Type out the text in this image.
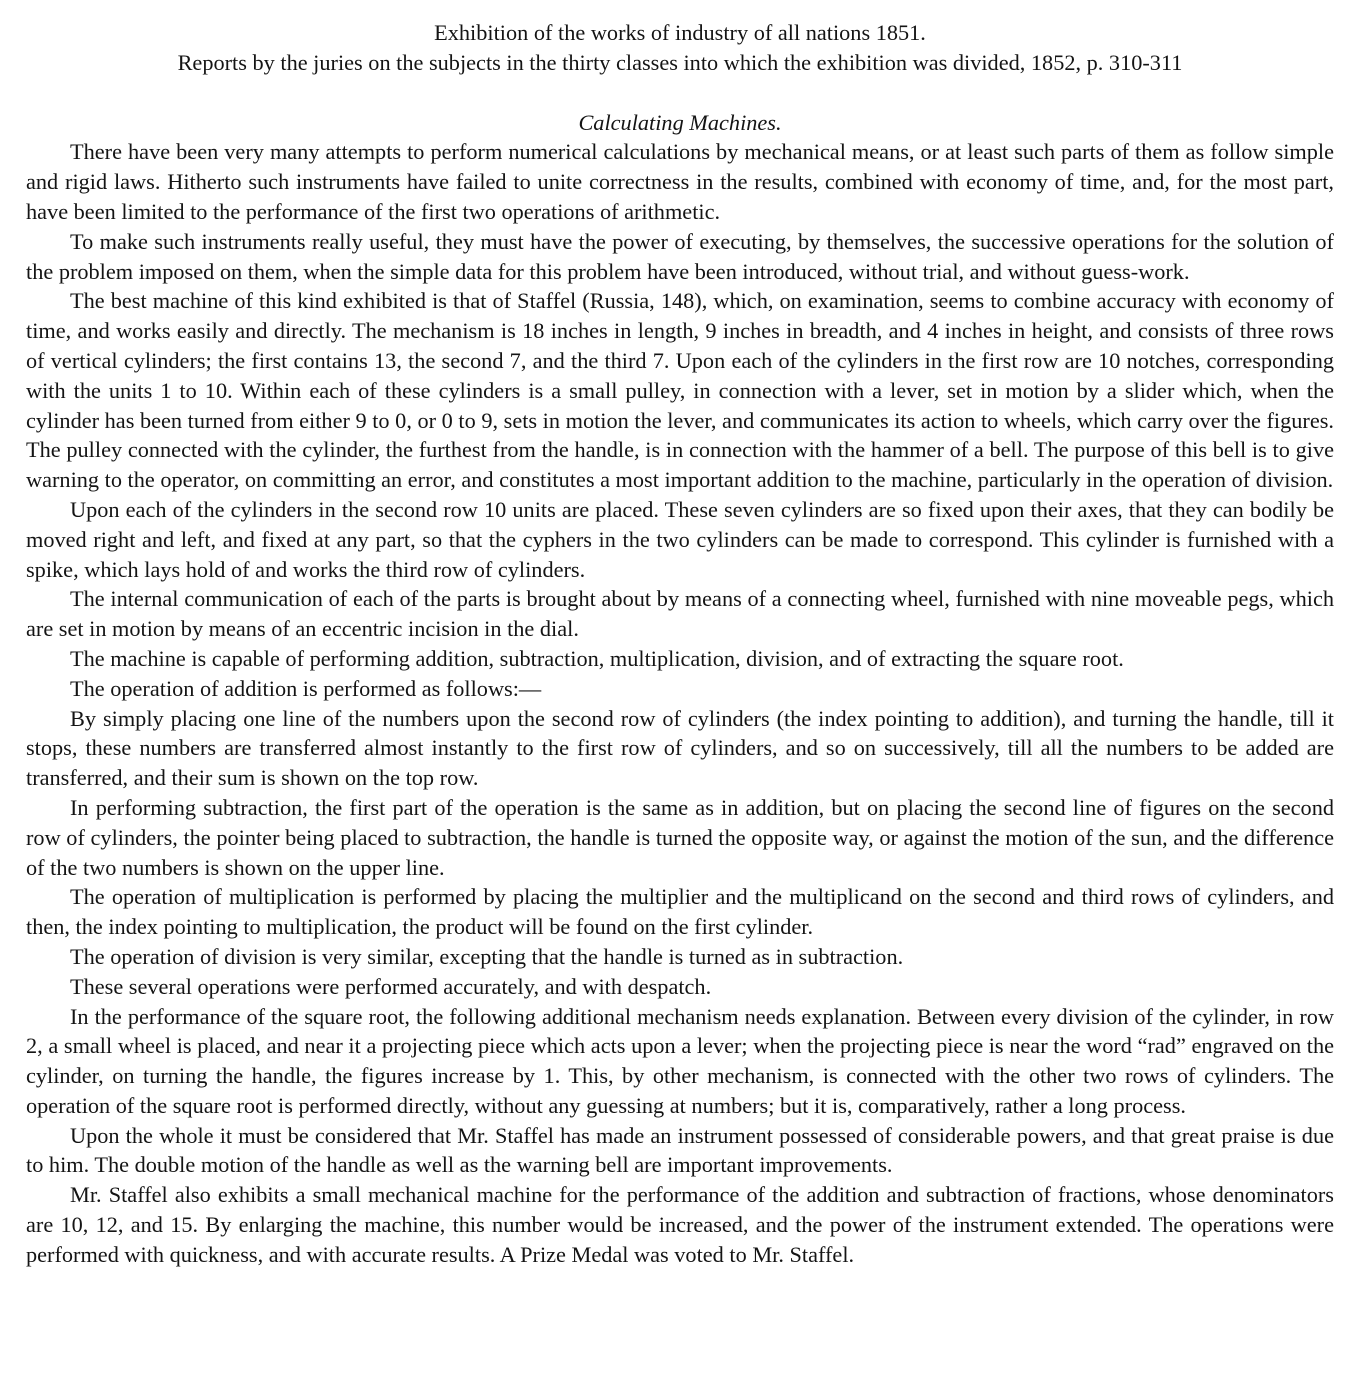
Exhibition of the works of industry of all nations 1851.

Reports by the juries on the subjects in the thirty classes into which the exhibition was divided, 1852, p. 310-311

Calculating Machines.

There have been very many attempts to perform numerical calculations by mechanical means, or at least such parts of them as follow simple and rigid laws. Hitherto such instruments have failed to unite correctness in the results, combined with economy of time, and, for the most part, have been limited to the performance of the first two operations of arithmetic.

To make such instruments really useful, they must have the power of executing, by themselves, the successive operations for the solution of the problem imposed on them, when the simple data for this problem have been introduced, without trial, and without guess-work.

The best machine of this kind exhibited is that of Staffel (Russia, 148), which, on examination, seems to combine accuracy with economy of time, and works easily and directly. The mechanism is 18 inches in length, 9 inches in breadth, and 4 inches in height, and consists of three rows of vertical cylinders; the first contains 13, the second 7, and the third 7. Upon each of the cylinders in the first row are 10 notches, corresponding with the units 1 to 10. Within each of these cylinders is a small pulley, in connection with a lever, set in motion by a slider which, when the cylinder has been turned from either 9 to 0, or 0 to 9, sets in motion the lever, and communicates its action to wheels, which carry over the figures. The pulley connected with the cylinder, the furthest from the handle, is in connection with the hammer of a bell. The purpose of this bell is to give warning to the operator, on committing an error, and constitutes a most important addition to the machine, particularly in the operation of division.

Upon each of the cylinders in the second row 10 units are placed. These seven cylinders are so fixed upon their axes, that they can bodily be moved right and left, and fixed at any part, so that the cyphers in the two cylinders can be made to correspond. This cylinder is furnished with a spike, which lays hold of and works the third row of cylinders.

The internal communication of each of the parts is brought about by means of a connecting wheel, furnished with nine moveable pegs, which are set in motion by means of an eccentric incision in the dial.

The machine is capable of performing addition, subtraction, multiplication, division, and of extracting the square root.

The operation of addition is performed as follows:—

By simply placing one line of the numbers upon the second row of cylinders (the index pointing to addition), and turning the handle, till it stops, these numbers are transferred almost instantly to the first row of cylinders, and so on successively, till all the numbers to be added are transferred, and their sum is shown on the top row.

In performing subtraction, the first part of the operation is the same as in addition, but on placing the second line of figures on the second row of cylinders, the pointer being placed to subtraction, the handle is turned the opposite way, or against the motion of the sun, and the difference of the two numbers is shown on the upper line.

The operation of multiplication is performed by placing the multiplier and the multiplicand on the second and third rows of cylinders, and then, the index pointing to multiplication, the product will be found on the first cylinder.

The operation of division is very similar, excepting that the handle is turned as in subtraction.

These several operations were performed accurately, and with despatch.

In the performance of the square root, the following additional mechanism needs explanation. Between every division of the cylinder, in row 2, a small wheel is placed, and near it a projecting piece which acts upon a lever; when the projecting piece is near the word “rad” engraved on the cylinder, on turning the handle, the figures increase by 1. This, by other mechanism, is connected with the other two rows of cylinders. The operation of the square root is performed directly, without any guessing at numbers; but it is, comparatively, rather a long process.

Upon the whole it must be considered that Mr. Staffel has made an instrument possessed of considerable powers, and that great praise is due to him. The double motion of the handle as well as the warning bell are important improvements.

Mr. Staffel also exhibits a small mechanical machine for the performance of the addition and subtraction of fractions, whose denominators are 10, 12, and 15. By enlarging the machine, this number would be increased, and the power of the instrument extended. The operations were performed with quickness, and with accurate results. A Prize Medal was voted to Mr. Staffel.
